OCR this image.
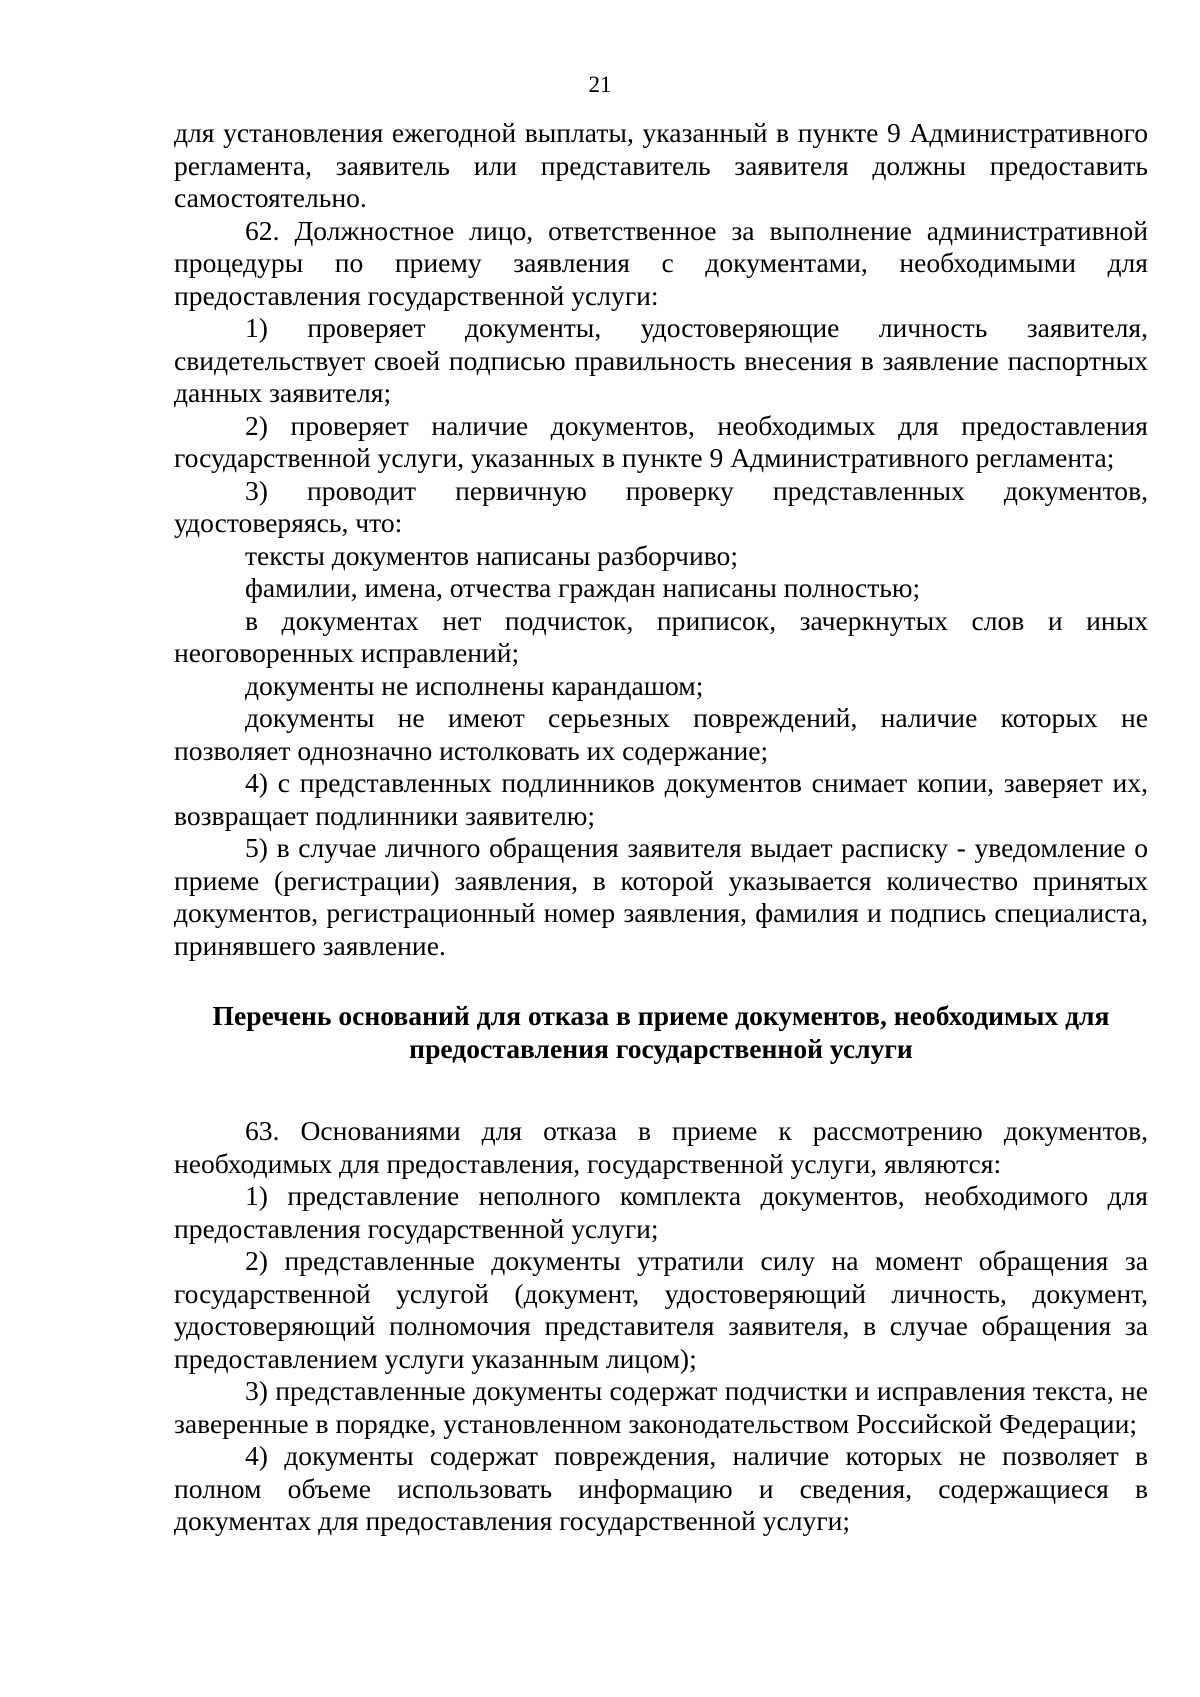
21

для установления ежегодной выплаты, указанный в пункте 9 Административного регламента, заявитель или представитель заявителя должны предоставить самостоятельно.

62. Должностное лицо, ответственное за выполнение административной процедуры по приему заявления с документами, необходимыми для предоставления государственной услуги:

1) проверяет документы, удостоверяющие личность заявителя, свидетельствует своей подписью правильность внесения в заявление паспортных данных заявителя;

2) проверяет наличие документов, необходимых для предоставления государственной услуги, указанных в пункте 9 Административного регламента;

3) проводит первичную проверку представленных документов, удостоверяясь, что:

тексты документов написаны разборчиво;

фамилии, имена, отчества граждан написаны полностью;

в документах нет подчисток, приписок, зачеркнутых слов и иных неоговоренных исправлений;

документы не исполнены карандашом;

документы не имеют серьезных повреждений, наличие которых не позволяет однозначно истолковать их содержание;

4) с представленных подлинников документов снимает копии, заверяет их, возвращает подлинники заявителю;

5) в случае личного обращения заявителя выдает расписку - уведомление о приеме (регистрации) заявления, в которой указывается количество принятых документов, регистрационный номер заявления, фамилия и подпись специалиста, принявшего заявление.

Перечень оснований для отказа в приеме документов, необходимых для предоставления государственной услуги

63. Основаниями для отказа в приеме к рассмотрению документов, необходимых для предоставления, государственной услуги, являются:

1) представление неполного комплекта документов, необходимого для предоставления государственной услуги;

2) представленные документы утратили силу на момент обращения за государственной услугой (документ, удостоверяющий личность, документ, удостоверяющий полномочия представителя заявителя, в случае обращения за предоставлением услуги указанным лицом);

3) представленные документы содержат подчистки и исправления текста, не заверенные в порядке, установленном законодательством Российской Федерации;

4) документы содержат повреждения, наличие которых не позволяет в полном объеме использовать информацию и сведения, содержащиеся в документах для предоставления государственной услуги;
